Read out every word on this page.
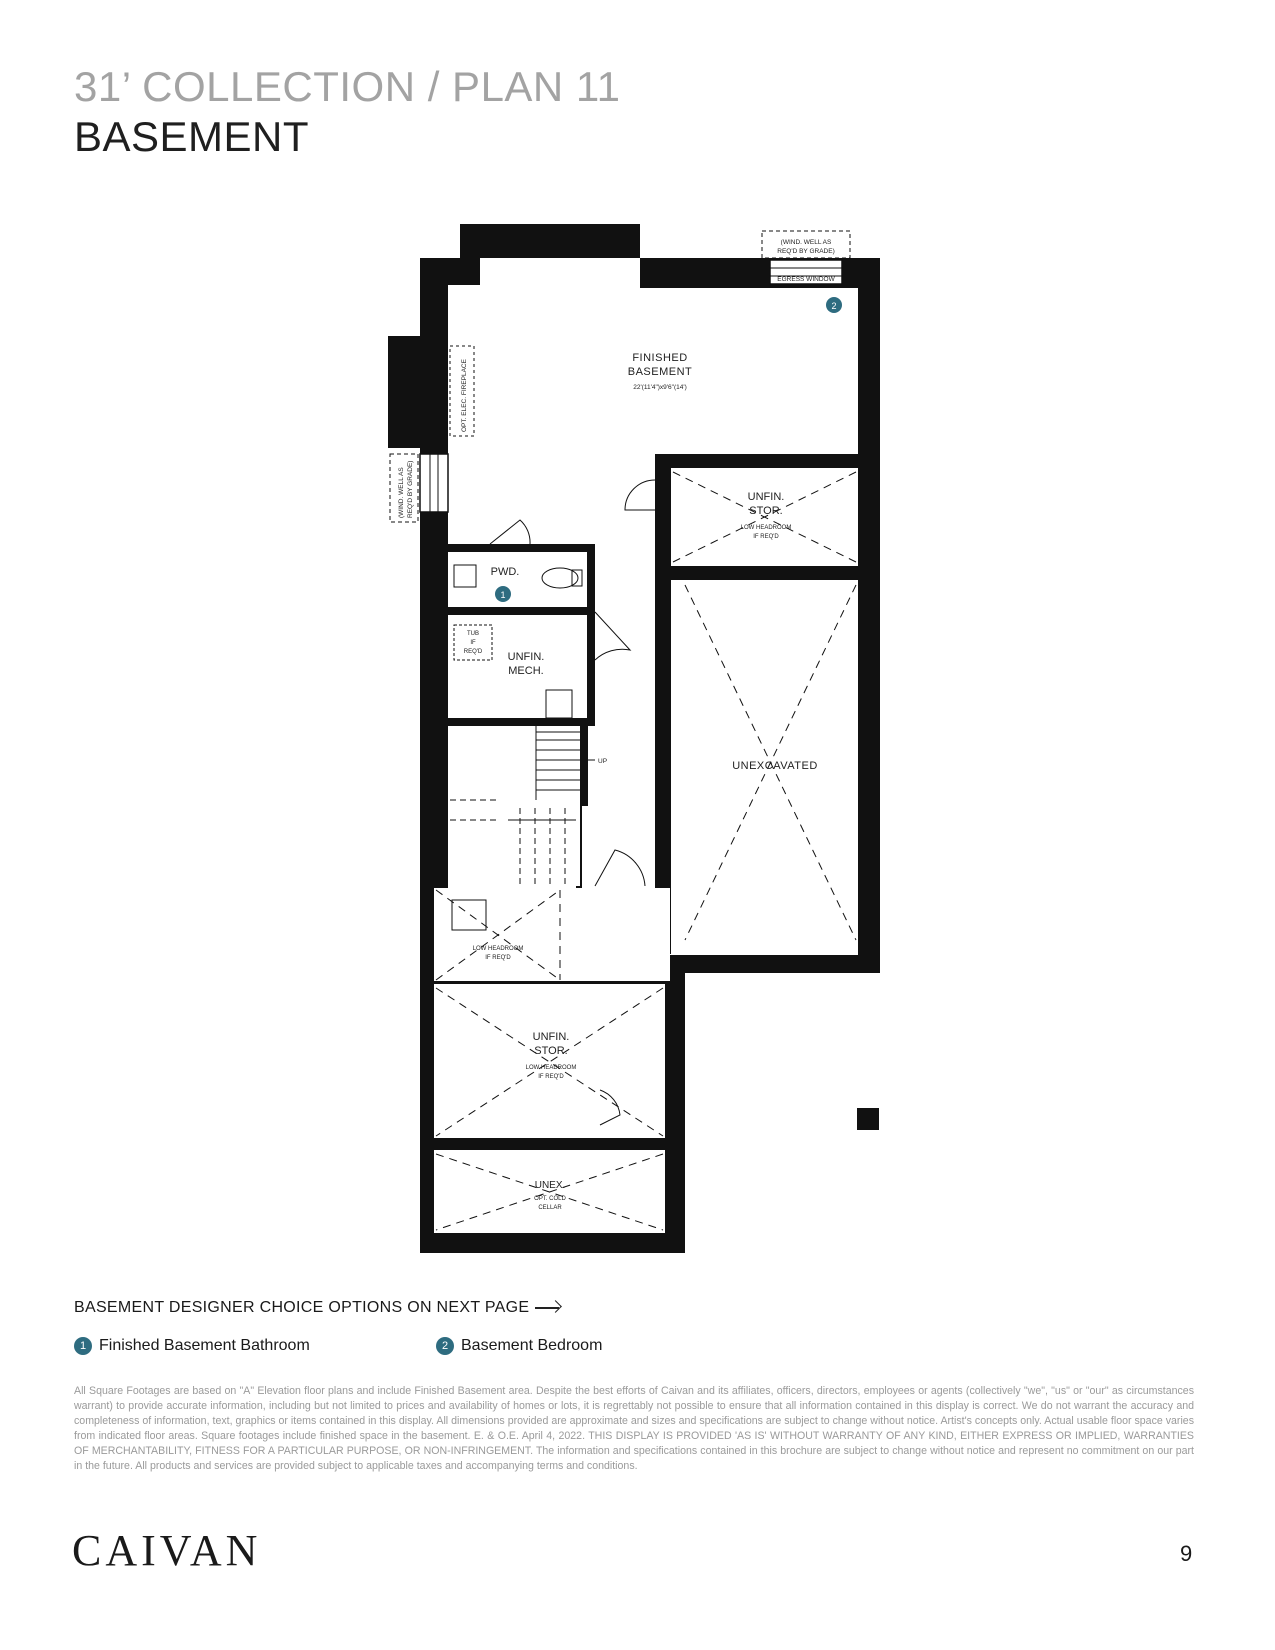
31’ COLLECTION / PLAN 11
BASEMENT
1
2
(WIND. WELL AS
REQ'D BY GRADE)
EGRESS WINDOW
FINISHED
BASEMENT
22'(11'4")x9'6"(14')
OPT. ELEC. FIREPLACE
(WIND. WELL AS REQ'D BY GRADE)	UNFIN.
STOR.
LOW HEADROOM
IF REQ'D
PWD.
TUB
IF
REQ'D UNFIN.
MECH.
UP	UNEXCAVATED
LOW HEADROOM
IF REQ'D
UNFIN.
STOR.
LOW HEADROOM
IF REQ'D
UNEX.
OPT. COLD
CELLAR
BASEMENT DESIGNER CHOICE OPTIONS ON NEXT PAGE
1 Finished Basement Bathroom	2 Basement Bedroom
All Square Footages are based on "A" Elevation floor plans and include Finished Basement area. Despite the best efforts of Caivan and its affiliates, officers, directors, employees or agents (collectively "we", "us" or "our" as circumstances warrant) to provide accurate information, including but not limited to prices and availability of homes or lots, it is regrettably not possible to ensure that all information contained in this display is correct. We do not warrant the accuracy and completeness of information, text, graphics or items contained in this display. All dimensions provided are approximate and sizes and specifications are subject to change without notice. Artist's concepts only. Actual usable floor space varies from indicated floor areas. Square footages include finished space in the basement. E. & O.E. April 4, 2022. THIS DISPLAY IS PROVIDED 'AS IS' WITHOUT WARRANTY OF ANY KIND, EITHER EXPRESS OR IMPLIED, WARRANTIES OF MERCHANTABILITY, FITNESS FOR A PARTICULAR PURPOSE, OR NON-INFRINGEMENT. The information and specifications contained in this brochure are subject to change without notice and represent no commitment on our part in the future. All products and services are provided subject to applicable taxes and accompanying terms and conditions.
CAIVAN	9
